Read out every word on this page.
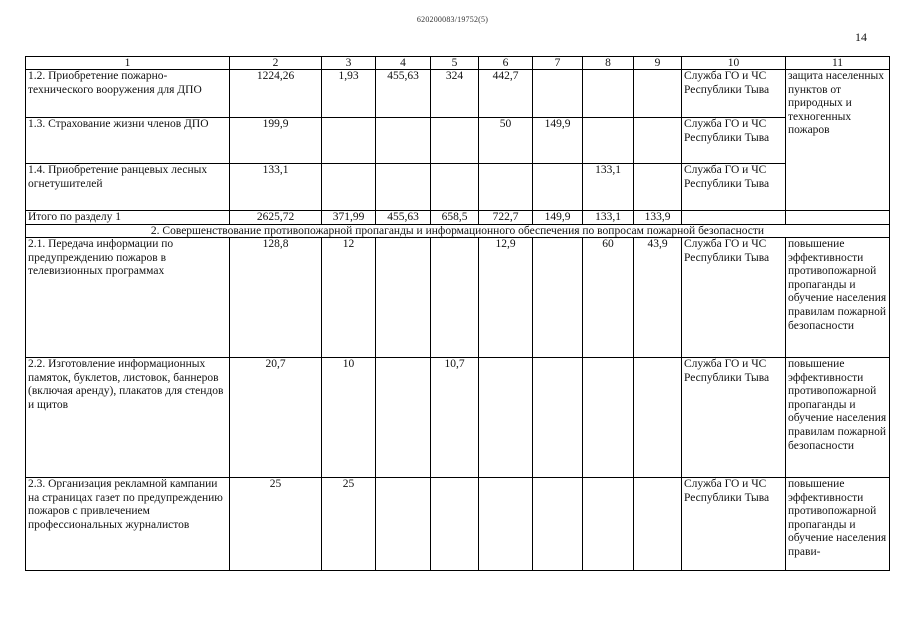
620200083/19752(5)
14
1	2	3	4	5	6	7	8	9	10	11
1.2. Приобретение пожарно-технического вооружения для ДПО	1224,26	1,93	455,63	324	442,7				Служба ГО и ЧС Республики Тыва	защита населенных пунктов от природных и техногенных пожаров
1.3. Страхование жизни членов ДПО	199,9				50	149,9			Служба ГО и ЧС Республики Тыва	
1.4. Приобретение ранцевых лесных огнетушителей	133,1						133,1		Служба ГО и ЧС Республики Тыва	
Итого по разделу 1	2625,72	371,99	455,63	658,5	722,7	149,9	133,1	133,9		
2. Совершенствование противопожарной пропаганды и информационного обеспечения по вопросам пожарной безопасности										
2.1. Передача информации по предупреждению пожаров в телевизионных программах	128,8	12			12,9		60	43,9	Служба ГО и ЧС Республики Тыва	повышение эффективности противопожарной пропаганды и обучение населения правилам пожарной безопасности
2.2. Изготовление информационных памяток, буклетов, листовок, баннеров (включая аренду), плакатов для стендов и щитов	20,7	10		10,7					Служба ГО и ЧС Республики Тыва	повышение эффективности противопожарной пропаганды и обучение населения правилам пожарной безопасности
2.3. Организация рекламной кампании на страницах газет по предупреждению пожаров с привлечением профессиональных журналистов	25	25							Служба ГО и ЧС Республики Тыва	повышение эффективности противопожарной пропаганды и обучение населения прави-
